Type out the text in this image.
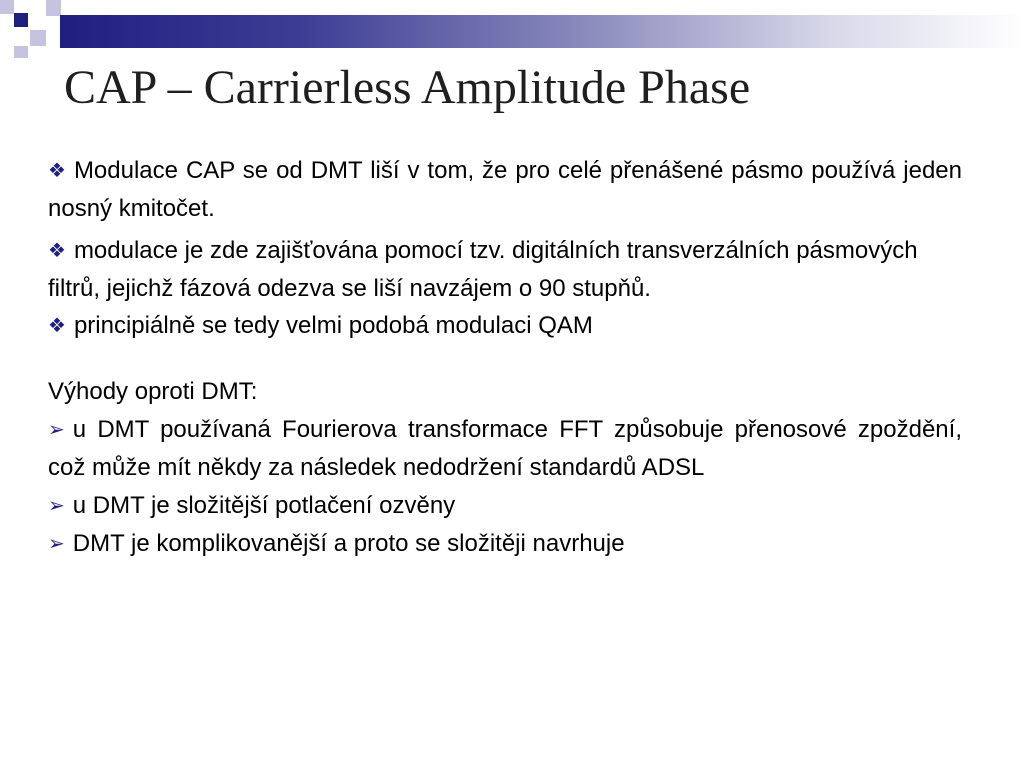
CAP – Carrierless Amplitude Phase

❖ Modulace CAP se od DMT liší v tom, že pro celé přenášené pásmo používá jeden nosný kmitočet.

❖ modulace je zde zajišťována pomocí tzv. digitálních transverzálních pásmových filtrů, jejichž fázová odezva se liší navzájem o 90 stupňů.

❖ principiálně se tedy velmi podobá modulaci QAM

Výhody oproti DMT:

➢ u DMT používaná Fourierova transformace FFT způsobuje přenosové zpoždění, což může mít někdy za následek nedodržení standardů ADSL

➢ u DMT je složitější potlačení ozvěny

➢ DMT je komplikovanější a proto se složitěji navrhuje
